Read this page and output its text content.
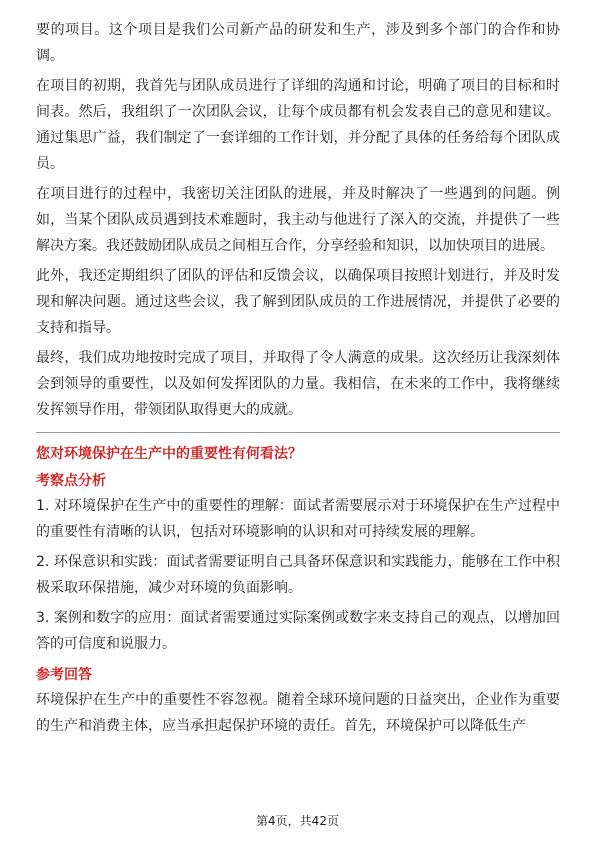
要的项目。这个项目是我们公司新产品的研发和生产，涉及到多个部门的合作和协调。

在项目的初期，我首先与团队成员进行了详细的沟通和讨论，明确了项目的目标和时间表。然后，我组织了一次团队会议，让每个成员都有机会发表自己的意见和建议。通过集思广益，我们制定了一套详细的工作计划，并分配了具体的任务给每个团队成员。

在项目进行的过程中，我密切关注团队的进展，并及时解决了一些遇到的问题。例如，当某个团队成员遇到技术难题时，我主动与他进行了深入的交流，并提供了一些解决方案。我还鼓励团队成员之间相互合作，分享经验和知识，以加快项目的进展。

此外，我还定期组织了团队的评估和反馈会议，以确保项目按照计划进行，并及时发现和解决问题。通过这些会议，我了解到团队成员的工作进展情况，并提供了必要的支持和指导。

最终，我们成功地按时完成了项目，并取得了令人满意的成果。这次经历让我深刻体会到领导的重要性，以及如何发挥团队的力量。我相信，在未来的工作中，我将继续发挥领导作用，带领团队取得更大的成就。

您对环境保护在生产中的重要性有何看法？

考察点分析

1. 对环境保护在生产中的重要性的理解：面试者需要展示对于环境保护在生产过程中的重要性有清晰的认识，包括对环境影响的认识和对可持续发展的理解。

2. 环保意识和实践：面试者需要证明自己具备环保意识和实践能力，能够在工作中积极采取环保措施，减少对环境的负面影响。

3. 案例和数字的应用：面试者需要通过实际案例或数字来支持自己的观点，以增加回答的可信度和说服力。

参考回答

环境保护在生产中的重要性不容忽视。随着全球环境问题的日益突出，企业作为重要的生产和消费主体，应当承担起保护环境的责任。首先，环境保护可以降低生产

第4页，共42页
